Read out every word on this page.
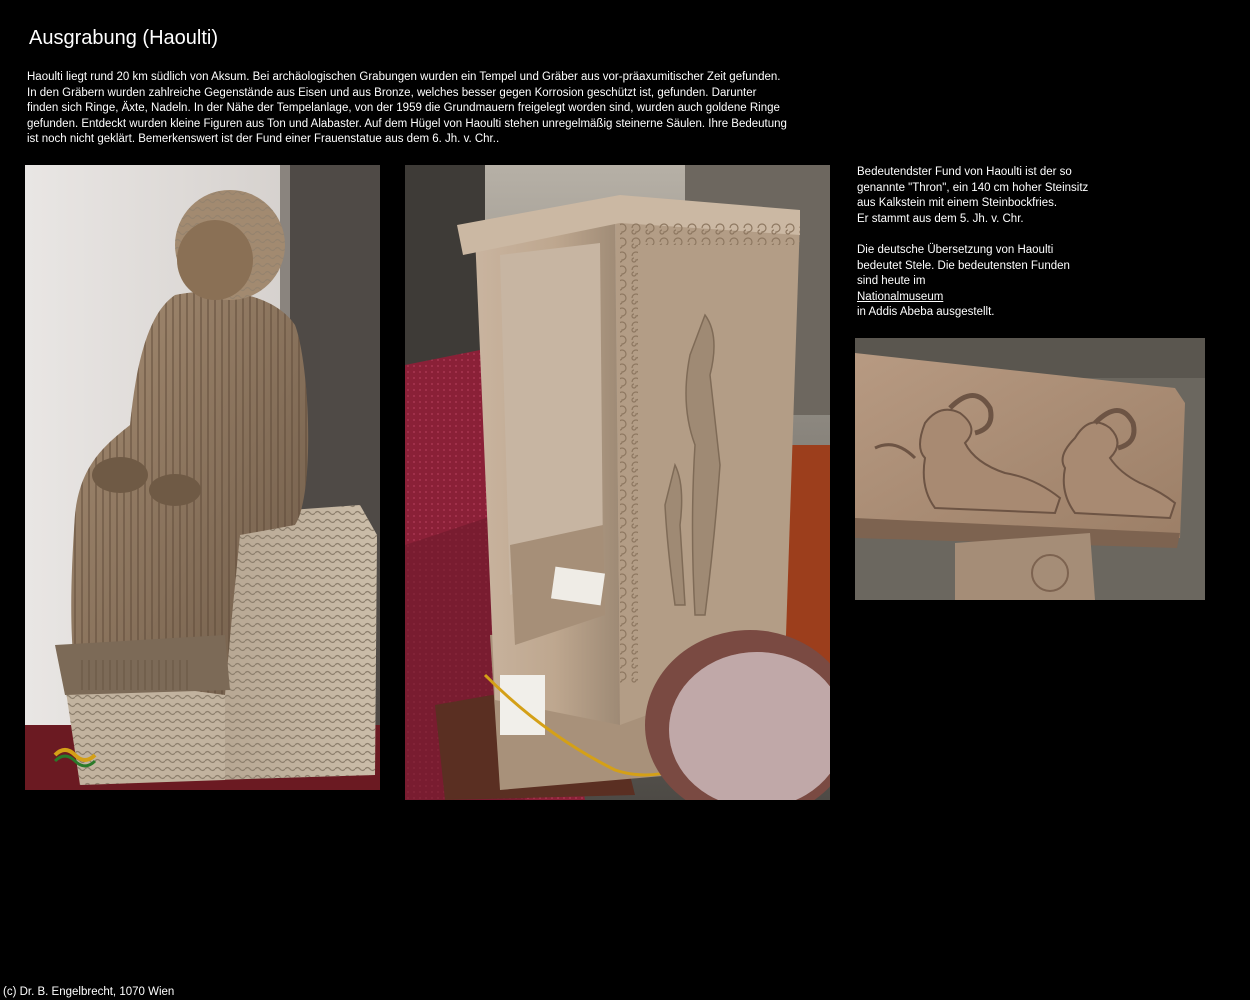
Ausgrabung (Haoulti)
Haoulti liegt rund 20 km südlich von Aksum. Bei archäologischen Grabungen wurden ein Tempel und Gräber aus vor-präaxumitischer Zeit gefunden.
In den Gräbern wurden zahlreiche Gegenstände aus Eisen und aus Bronze, welches besser gegen Korrosion geschützt ist, gefunden. Darunter
finden sich Ringe, Äxte, Nadeln. In der Nähe der Tempelanlage, von der 1959 die Grundmauern freigelegt worden sind, wurden auch goldene Ringe
gefunden. Entdeckt wurden kleine Figuren aus Ton und Alabaster. Auf dem Hügel von Haoulti stehen unregelmäßig steinerne Säulen. Ihre Bedeutung
ist noch nicht geklärt. Bemerkenswert ist der Fund einer Frauenstatue aus dem 6. Jh. v. Chr..
Bedeutendster Fund von Haoulti ist der so
genannte "Thron", ein 140 cm hoher Steinsitz
aus Kalkstein mit einem Steinbockfries.
Er stammt aus dem 5. Jh. v. Chr.
Die deutsche Übersetzung von Haoulti
bedeutet Stele. Die bedeutensten Funden
sind heute im
Nationalmuseum
in Addis Abeba ausgestellt.
(c) Dr. B. Engelbrecht, 1070 Wien
